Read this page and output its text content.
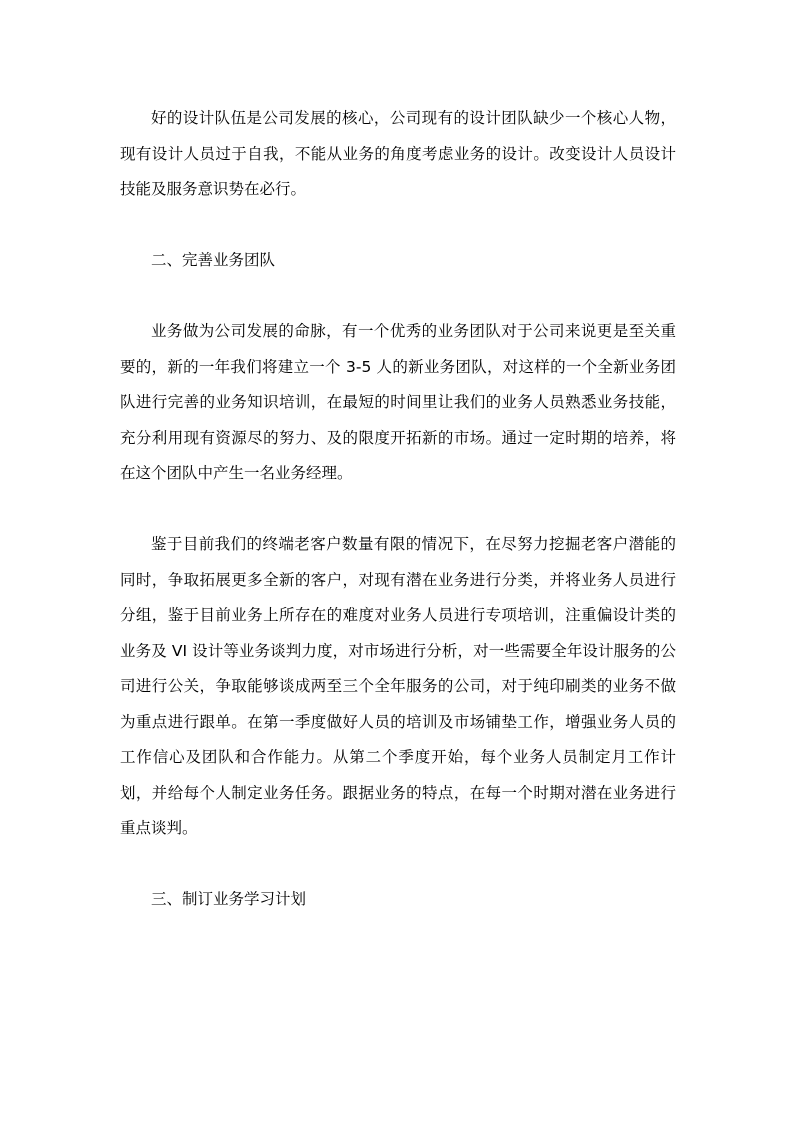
好的设计队伍是公司发展的核心，公司现有的设计团队缺少一个核心人物，现有设计人员过于自我，不能从业务的角度考虑业务的设计。改变设计人员设计技能及服务意识势在必行。

二、完善业务团队

业务做为公司发展的命脉，有一个优秀的业务团队对于公司来说更是至关重要的，新的一年我们将建立一个 3-5 人的新业务团队，对这样的一个全新业务团队进行完善的业务知识培训，在最短的时间里让我们的业务人员熟悉业务技能，充分利用现有资源尽的努力、及的限度开拓新的市场。通过一定时期的培养，将在这个团队中产生一名业务经理。

鉴于目前我们的终端老客户数量有限的情况下，在尽努力挖掘老客户潜能的同时，争取拓展更多全新的客户，对现有潜在业务进行分类，并将业务人员进行分组，鉴于目前业务上所存在的难度对业务人员进行专项培训，注重偏设计类的业务及 VI 设计等业务谈判力度，对市场进行分析，对一些需要全年设计服务的公司进行公关，争取能够谈成两至三个全年服务的公司，对于纯印刷类的业务不做为重点进行跟单。在第一季度做好人员的培训及市场铺垫工作，增强业务人员的工作信心及团队和合作能力。从第二个季度开始，每个业务人员制定月工作计划，并给每个人制定业务任务。跟据业务的特点，在每一个时期对潜在业务进行重点谈判。

三、制订业务学习计划
